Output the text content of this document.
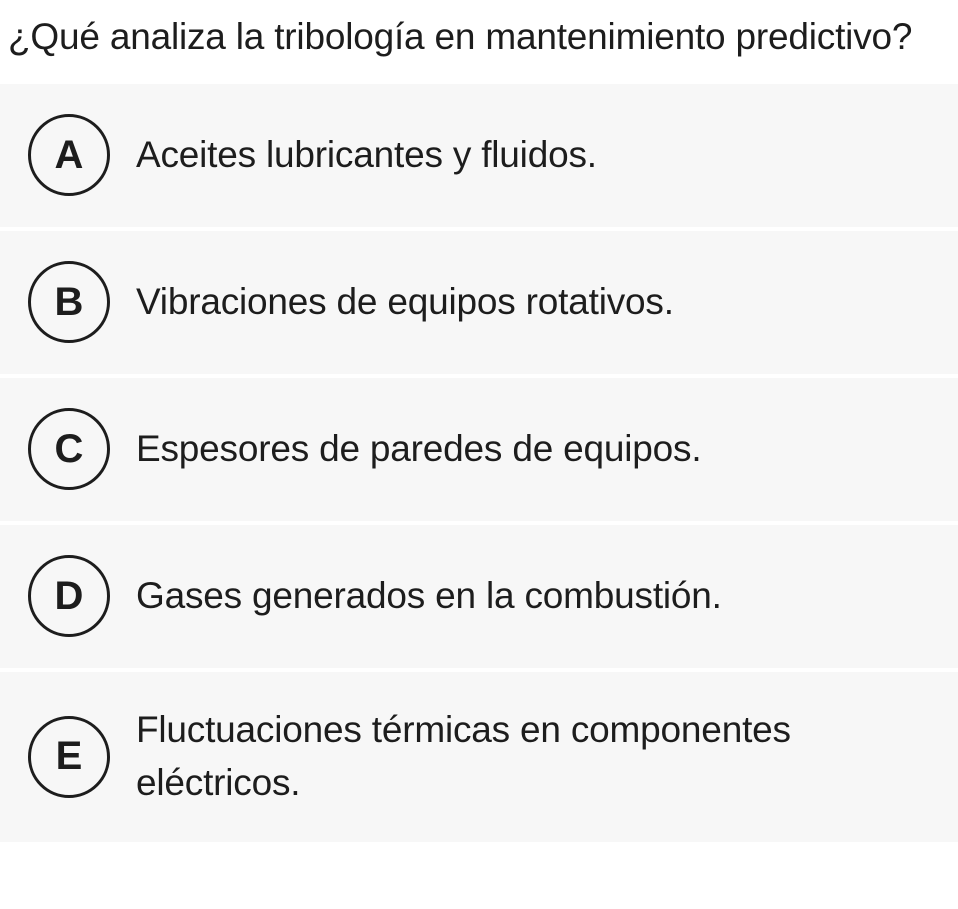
¿Qué analiza la tribología en mantenimiento predictivo?
A	Aceites lubricantes y fluidos.
B	Vibraciones de equipos rotativos.
C	Espesores de paredes de equipos.
D	Gases generados en la combustión.
E
Fluctuaciones térmicas en componentes eléctricos.
